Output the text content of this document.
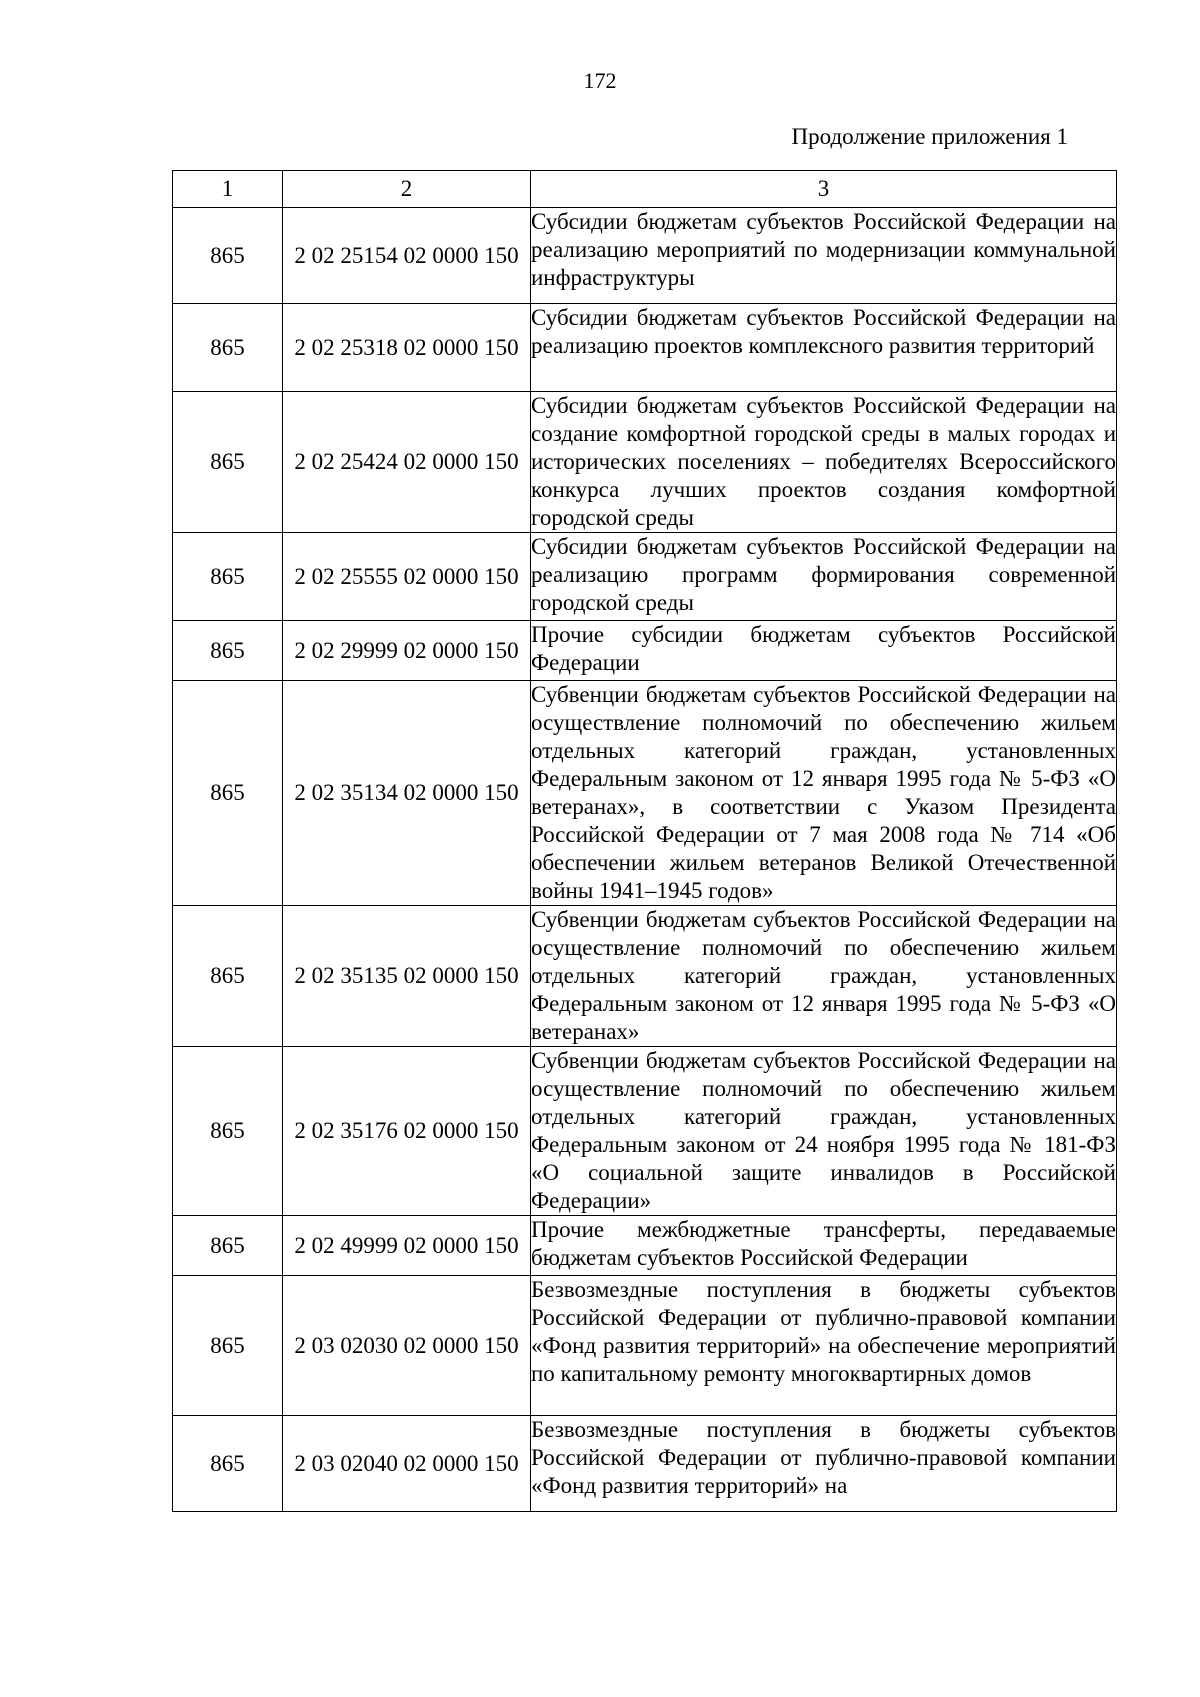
172
Продолжение приложения 1
1	2	3
865	2 02 25154 02 0000 150	Субсидии бюджетам субъектов Российской Федерации на реализацию мероприятий по модернизации коммунальной инфраструктуры
865	2 02 25318 02 0000 150	Субсидии бюджетам субъектов Российской Федерации на реализацию проектов комплексного развития территорий
865	2 02 25424 02 0000 150	Субсидии бюджетам субъектов Российской Федерации на создание комфортной городской среды в малых городах и исторических поселениях – победителях Всероссийского конкурса лучших проектов создания комфортной городской среды
865	2 02 25555 02 0000 150	Субсидии бюджетам субъектов Российской Федерации на реализацию программ формирования современной городской среды
865	2 02 29999 02 0000 150	Прочие субсидии бюджетам субъектов Российской Федерации
865	2 02 35134 02 0000 150	Субвенции бюджетам субъектов Российской Федерации на осуществление полномочий по обеспечению жильем отдельных категорий граждан, установленных Федеральным законом от 12 января 1995 года № 5-ФЗ «О ветеранах», в соответствии с Указом Президента Российской Федерации от 7 мая 2008 года № 714 «Об обеспечении жильем ветеранов Великой Отечественной войны 1941–1945 годов»
865	2 02 35135 02 0000 150	Субвенции бюджетам субъектов Российской Федерации на осуществление полномочий по обеспечению жильем отдельных категорий граждан, установленных Федеральным законом от 12 января 1995 года № 5-ФЗ «О ветеранах»
865	2 02 35176 02 0000 150	Субвенции бюджетам субъектов Российской Федерации на осуществление полномочий по обеспечению жильем отдельных категорий граждан, установленных Федеральным законом от 24 ноября 1995 года № 181-ФЗ «О социальной защите инвалидов в Российской Федерации»
865	2 02 49999 02 0000 150	Прочие межбюджетные трансферты, передаваемые бюджетам субъектов Российской Федерации
865	2 03 02030 02 0000 150	Безвозмездные поступления в бюджеты субъектов Российской Федерации от публично-правовой компании «Фонд развития территорий» на обеспечение мероприятий по капитальному ремонту многоквартирных домов
865	2 03 02040 02 0000 150	Безвозмездные поступления в бюджеты субъектов Российской Федерации от публично-правовой компании «Фонд развития территорий» на
